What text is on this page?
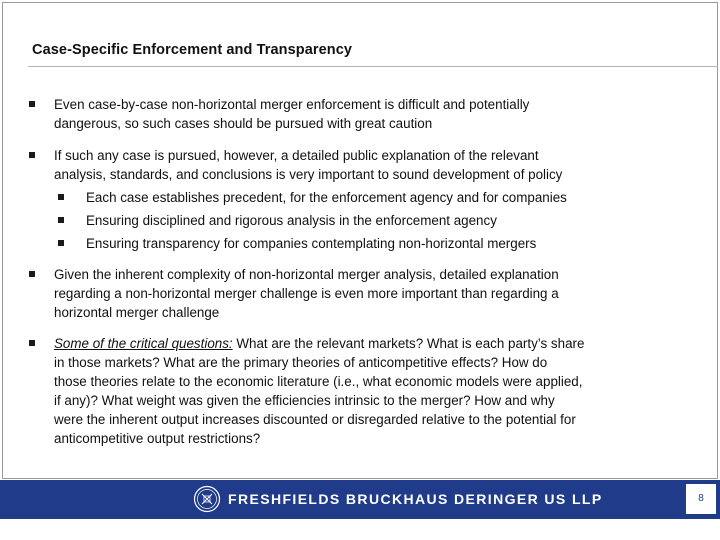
Case-Specific Enforcement and Transparency
Even case-by-case non-horizontal merger enforcement is difficult and potentially
dangerous, so such cases should be pursued with great caution
If such any case is pursued, however, a detailed public explanation of the relevant
analysis, standards, and conclusions is very important to sound development of policy
Each case establishes precedent, for the enforcement agency and for companies
Ensuring disciplined and rigorous analysis in the enforcement agency
Ensuring transparency for companies contemplating non-horizontal mergers
Given the inherent complexity of non-horizontal merger analysis, detailed explanation
regarding a non-horizontal merger challenge is even more important than regarding a
horizontal merger challenge
Some of the critical questions: What are the relevant markets? What is each party’s share
in those markets? What are the primary theories of anticompetitive effects? How do
those theories relate to the economic literature (i.e., what economic models were applied,
if any)? What weight was given the efficiencies intrinsic to the merger? How and why
were the inherent output increases discounted or disregarded relative to the potential for
anticompetitive output restrictions?
FRESHFIELDS BRUCKHAUS DERINGER US LLP	8
